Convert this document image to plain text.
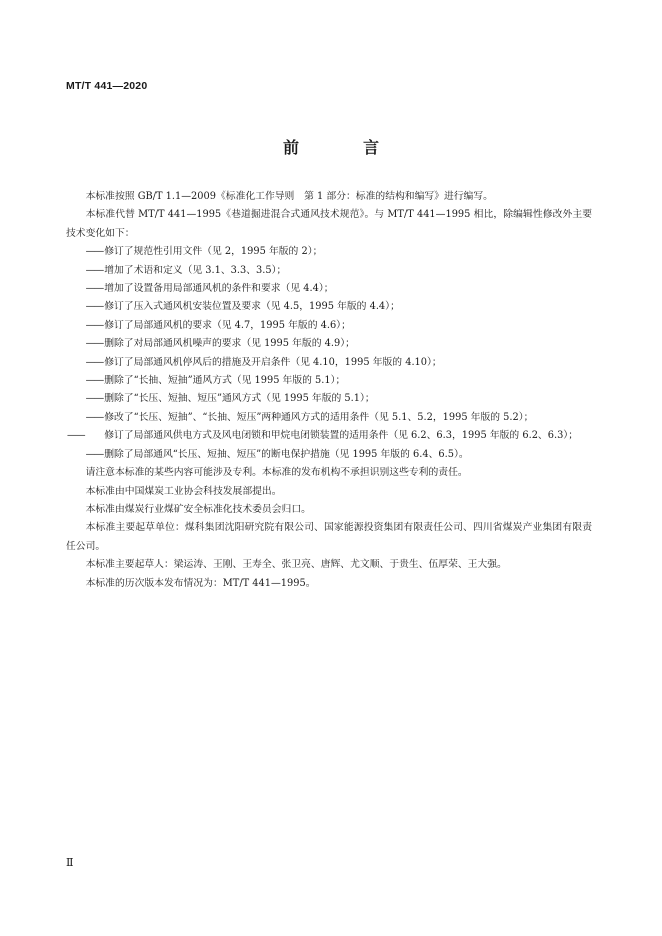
MT/T 441—2020
前　言

本标准按照 GB/T 1.1—2009《标准化工作导则　第 1 部分：标准的结构和编写》进行编写。

本标准代替 MT/T 441—1995《巷道掘进混合式通风技术规范》。与 MT/T 441—1995 相比，除编辑性修改外主要技术变化如下：

——修订了规范性引用文件（见 2，1995 年版的 2）；

——增加了术语和定义（见 3.1、3.3、3.5）；

——增加了设置备用局部通风机的条件和要求（见 4.4）；

——修订了压入式通风机安装位置及要求（见 4.5，1995 年版的 4.4）；

——修订了局部通风机的要求（见 4.7，1995 年版的 4.6）；

——删除了对局部通风机噪声的要求（见 1995 年版的 4.9）；

——修订了局部通风机停风后的措施及开启条件（见 4.10，1995 年版的 4.10）；

——删除了“长抽、短抽”通风方式（见 1995 年版的 5.1）；

——删除了“长压、短抽、短压”通风方式（见 1995 年版的 5.1）；

——修改了“长压、短抽”、“长抽、短压”两种通风方式的适用条件（见 5.1、5.2，1995 年版的 5.2）；

—— 修订了局部通风供电方式及风电闭锁和甲烷电闭锁装置的适用条件（见 6.2、6.3，1995 年版的 6.2、6.3）；

——删除了局部通风“长压、短抽、短压”的断电保护措施（见 1995 年版的 6.4、6.5）。

请注意本标准的某些内容可能涉及专利。本标准的发布机构不承担识别这些专利的责任。

本标准由中国煤炭工业协会科技发展部提出。

本标准由煤炭行业煤矿安全标准化技术委员会归口。

本标准主要起草单位：煤科集团沈阳研究院有限公司、国家能源投资集团有限责任公司、四川省煤炭产业集团有限责任公司。

本标准主要起草人：梁运涛、王刚、王寿全、张卫亮、唐辉、尤文顺、于贵生、伍厚荣、王大强。

本标准的历次版本发布情况为：MT/T 441—1995。

Ⅱ
